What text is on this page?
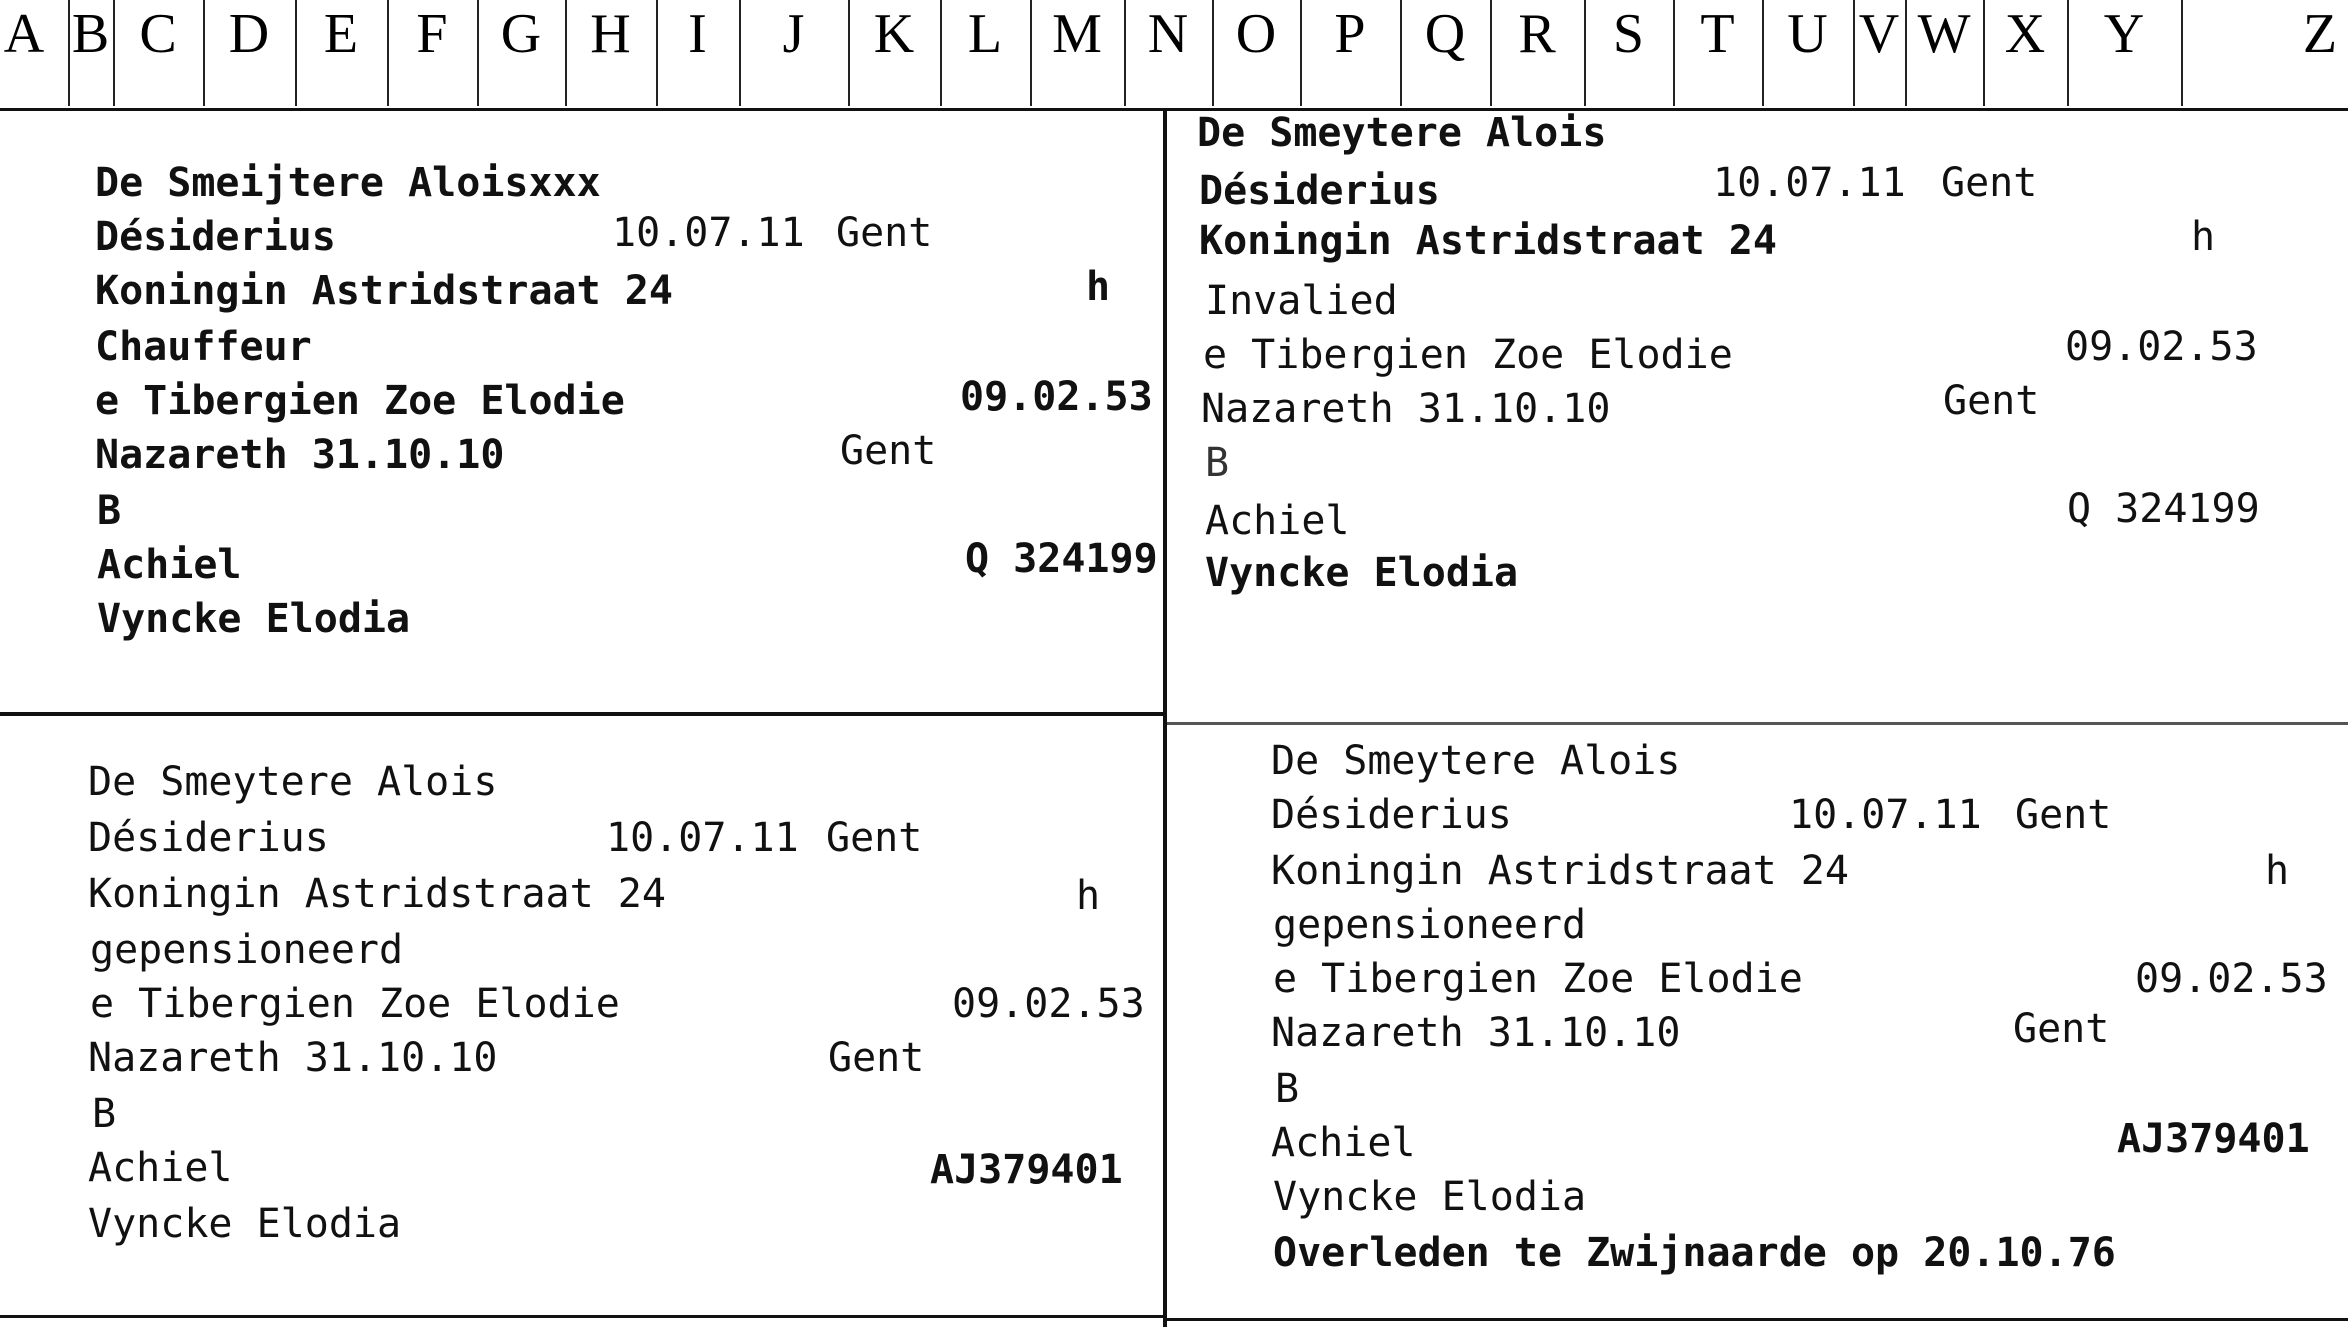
A B C D E	F G H	I	J	K L M N O	P	Q R	S	T U V W X	Y	Z
De Smeijtere Aloisxxx
Désiderius	10.07.11 Gent
Koningin Astridstraat 24	h
Chauffeur
e Tibergien Zoe Elodie	09.02.53
Nazareth 31.10.10	Gent
B
Achiel	Q 324199
Vyncke Elodia
De Smeytere Alois
Désiderius	10.07.11 Gent
Koningin Astridstraat 24	h
Invalied
e Tibergien Zoe Elodie	09.02.53
Nazareth 31.10.10	Gent
B
Achiel	Q 324199
Vyncke Elodia
De Smeytere Alois
Désiderius	10.07.11 Gent
Koningin Astridstraat 24	h
gepensioneerd
e Tibergien Zoe Elodie	09.02.53
Nazareth 31.10.10	Gent
B
Achiel	AJ379401
Vyncke Elodia
De Smeytere Alois
Désiderius	10.07.11 Gent
Koningin Astridstraat 24	h
gepensioneerd
e Tibergien Zoe Elodie	09.02.53
Nazareth 31.10.10	Gent
B
Achiel	AJ379401
Vyncke Elodia
Overleden te Zwijnaarde op 20.10.76
